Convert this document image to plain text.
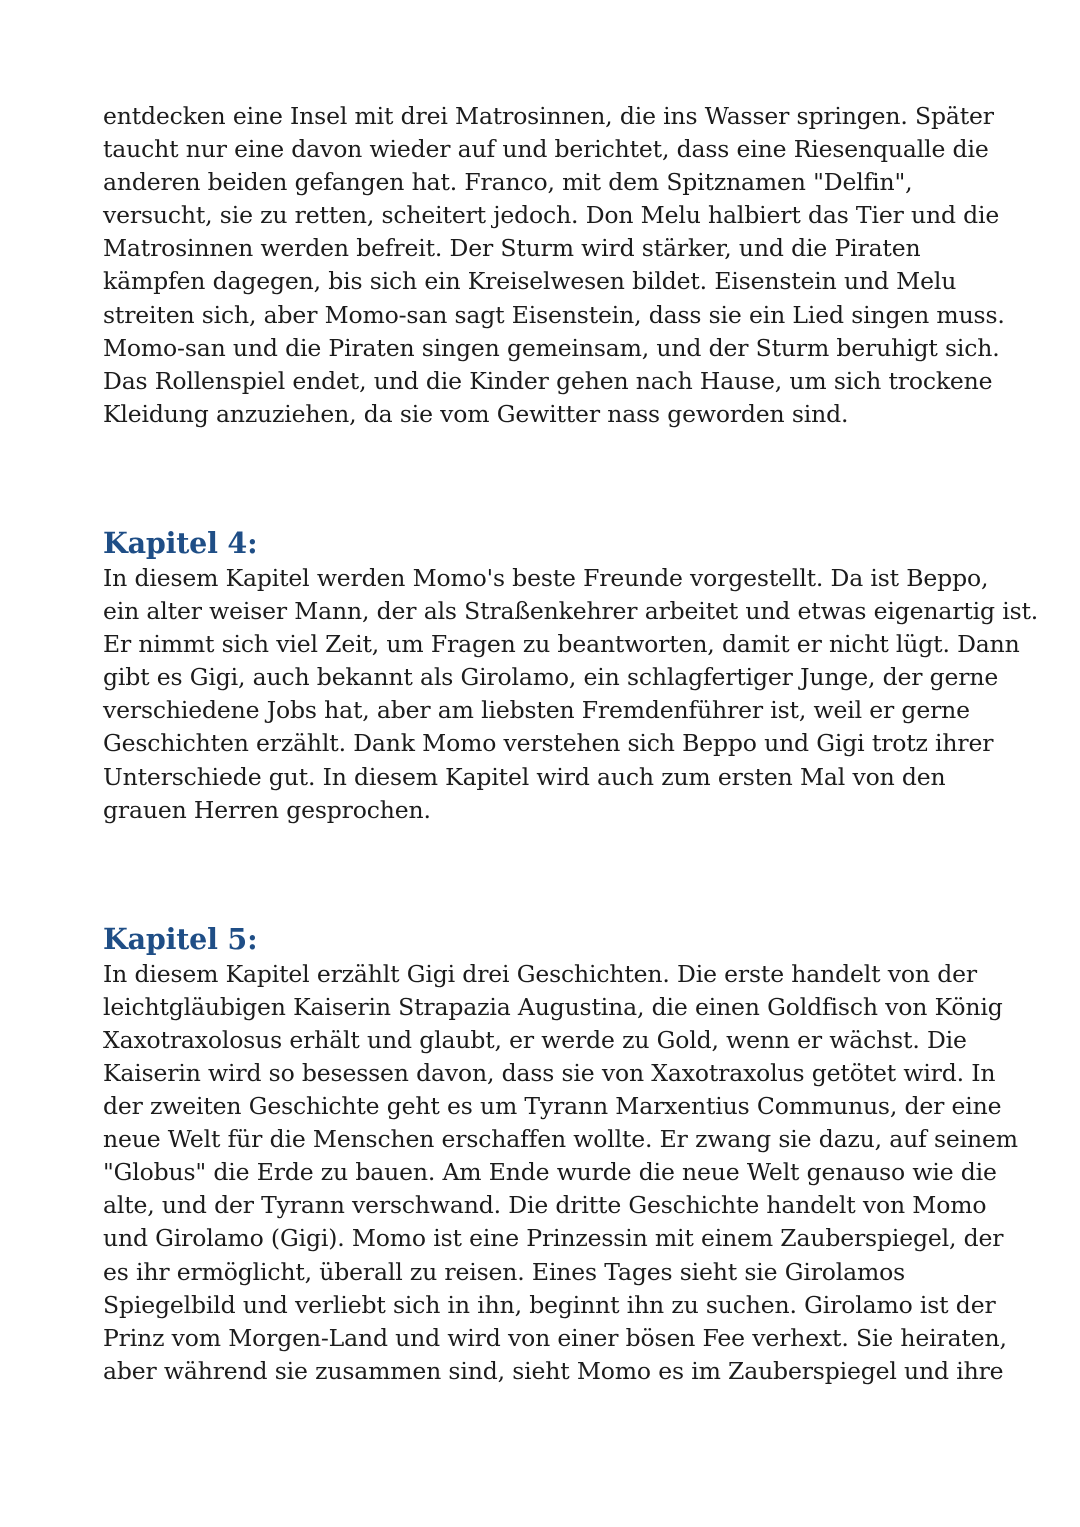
entdecken eine Insel mit drei Matrosinnen, die ins Wasser springen. Später
taucht nur eine davon wieder auf und berichtet, dass eine Riesenqualle die
anderen beiden gefangen hat. Franco, mit dem Spitznamen "Delfin",
versucht, sie zu retten, scheitert jedoch. Don Melu halbiert das Tier und die
Matrosinnen werden befreit. Der Sturm wird stärker, und die Piraten
kämpfen dagegen, bis sich ein Kreiselwesen bildet. Eisenstein und Melu
streiten sich, aber Momo-san sagt Eisenstein, dass sie ein Lied singen muss.
Momo-san und die Piraten singen gemeinsam, und der Sturm beruhigt sich.
Das Rollenspiel endet, und die Kinder gehen nach Hause, um sich trockene
Kleidung anzuziehen, da sie vom Gewitter nass geworden sind.
Kapitel 4:
In diesem Kapitel werden Momo's beste Freunde vorgestellt. Da ist Beppo,
ein alter weiser Mann, der als Straßenkehrer arbeitet und etwas eigenartig ist.
Er nimmt sich viel Zeit, um Fragen zu beantworten, damit er nicht lügt. Dann
gibt es Gigi, auch bekannt als Girolamo, ein schlagfertiger Junge, der gerne
verschiedene Jobs hat, aber am liebsten Fremdenführer ist, weil er gerne
Geschichten erzählt. Dank Momo verstehen sich Beppo und Gigi trotz ihrer
Unterschiede gut. In diesem Kapitel wird auch zum ersten Mal von den
grauen Herren gesprochen.
Kapitel 5:
In diesem Kapitel erzählt Gigi drei Geschichten. Die erste handelt von der
leichtgläubigen Kaiserin Strapazia Augustina, die einen Goldfisch von König
Xaxotraxolosus erhält und glaubt, er werde zu Gold, wenn er wächst. Die
Kaiserin wird so besessen davon, dass sie von Xaxotraxolus getötet wird. In
der zweiten Geschichte geht es um Tyrann Marxentius Communus, der eine
neue Welt für die Menschen erschaffen wollte. Er zwang sie dazu, auf seinem
"Globus" die Erde zu bauen. Am Ende wurde die neue Welt genauso wie die
alte, und der Tyrann verschwand. Die dritte Geschichte handelt von Momo
und Girolamo (Gigi). Momo ist eine Prinzessin mit einem Zauberspiegel, der
es ihr ermöglicht, überall zu reisen. Eines Tages sieht sie Girolamos
Spiegelbild und verliebt sich in ihn, beginnt ihn zu suchen. Girolamo ist der
Prinz vom Morgen-Land und wird von einer bösen Fee verhext. Sie heiraten,
aber während sie zusammen sind, sieht Momo es im Zauberspiegel und ihre
